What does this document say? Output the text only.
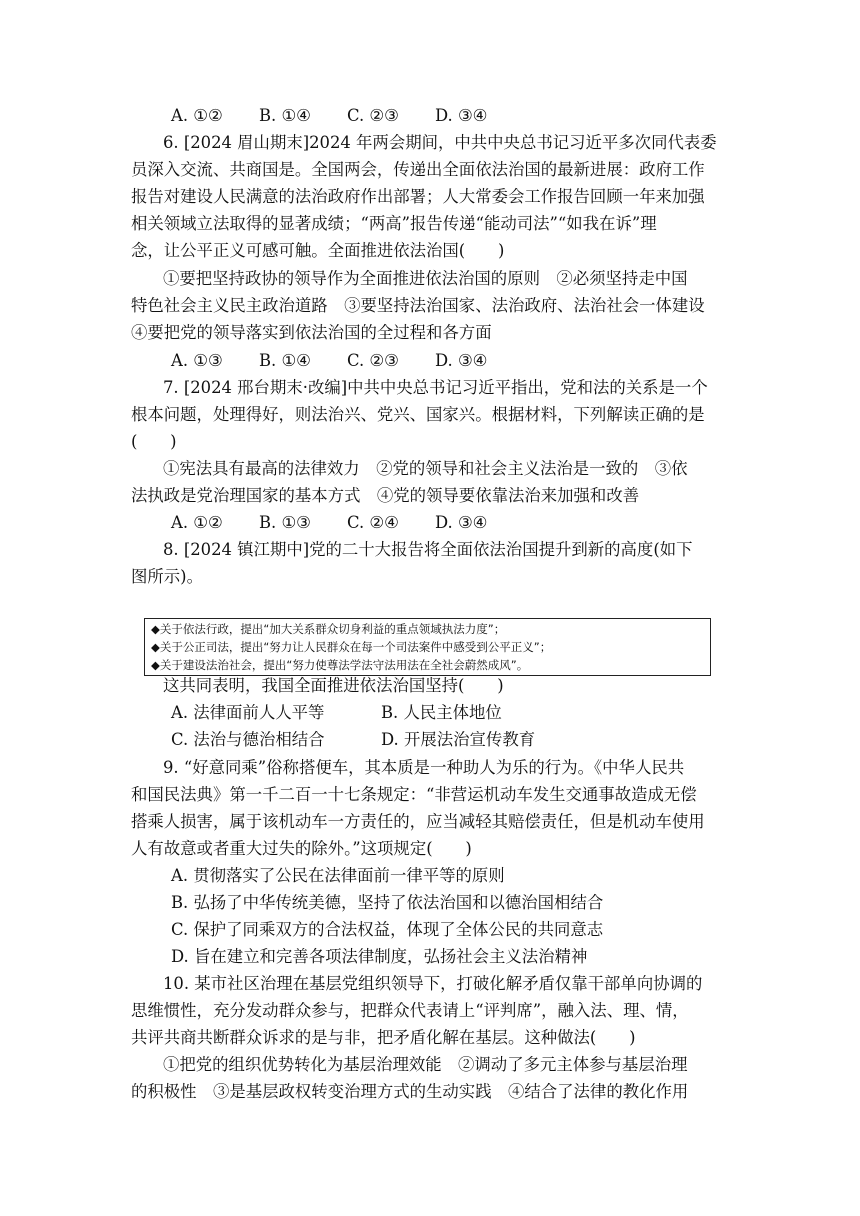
A. ①② B. ①④ C. ②③ D. ③④
6. [2024 眉山期末]2024 年两会期间，中共中央总书记习近平多次同代表委
员深入交流、共商国是。全国两会，传递出全面依法治国的最新进展：政府工作
报告对建设人民满意的法治政府作出部署；人大常委会工作报告回顾一年来加强
相关领域立法取得的显著成绩；“两高”报告传递“能动司法”“如我在诉”理
念，让公平正义可感可触。全面推进依法治国(　　)
①要把坚持政协的领导作为全面推进依法治国的原则　②必须坚持走中国
特色社会主义民主政治道路　③要坚持法治国家、法治政府、法治社会一体建设
④要把党的领导落实到依法治国的全过程和各方面
A. ①③ B. ①④ C. ②③ D. ③④
7. [2024 邢台期末·改编]中共中央总书记习近平指出，党和法的关系是一个
根本问题，处理得好，则法治兴、党兴、国家兴。根据材料，下列解读正确的是
(　　)
①宪法具有最高的法律效力　②党的领导和社会主义法治是一致的　③依
法执政是党治理国家的基本方式　④党的领导要依靠法治来加强和改善
A. ①② B. ①③ C. ②④ D. ③④
8. [2024 镇江期中]党的二十大报告将全面依法治国提升到新的高度(如下
图所示)。
◆关于依法行政，提出“加大关系群众切身利益的重点领域执法力度”；
◆关于公正司法，提出“努力让人民群众在每一个司法案件中感受到公平正义”；
◆关于建设法治社会，提出“努力使尊法学法守法用法在全社会蔚然成风”。
这共同表明，我国全面推进依法治国坚持(　　)
A. 法律面前人人平等	B. 人民主体地位
C. 法治与德治相结合	D. 开展法治宣传教育
9. “好意同乘”俗称搭便车，其本质是一种助人为乐的行为。《中华人民共
和国民法典》第一千二百一十七条规定：“非营运机动车发生交通事故造成无偿
搭乘人损害，属于该机动车一方责任的，应当减轻其赔偿责任，但是机动车使用
人有故意或者重大过失的除外。”这项规定(　　)
A. 贯彻落实了公民在法律面前一律平等的原则
B. 弘扬了中华传统美德，坚持了依法治国和以德治国相结合
C. 保护了同乘双方的合法权益，体现了全体公民的共同意志
D. 旨在建立和完善各项法律制度，弘扬社会主义法治精神
10. 某市社区治理在基层党组织领导下，打破化解矛盾仅靠干部单向协调的
思维惯性，充分发动群众参与，把群众代表请上“评判席”，融入法、理、情，
共评共商共断群众诉求的是与非，把矛盾化解在基层。这种做法(　　)
①把党的组织优势转化为基层治理效能　②调动了多元主体参与基层治理
的积极性　③是基层政权转变治理方式的生动实践　④结合了法律的教化作用
